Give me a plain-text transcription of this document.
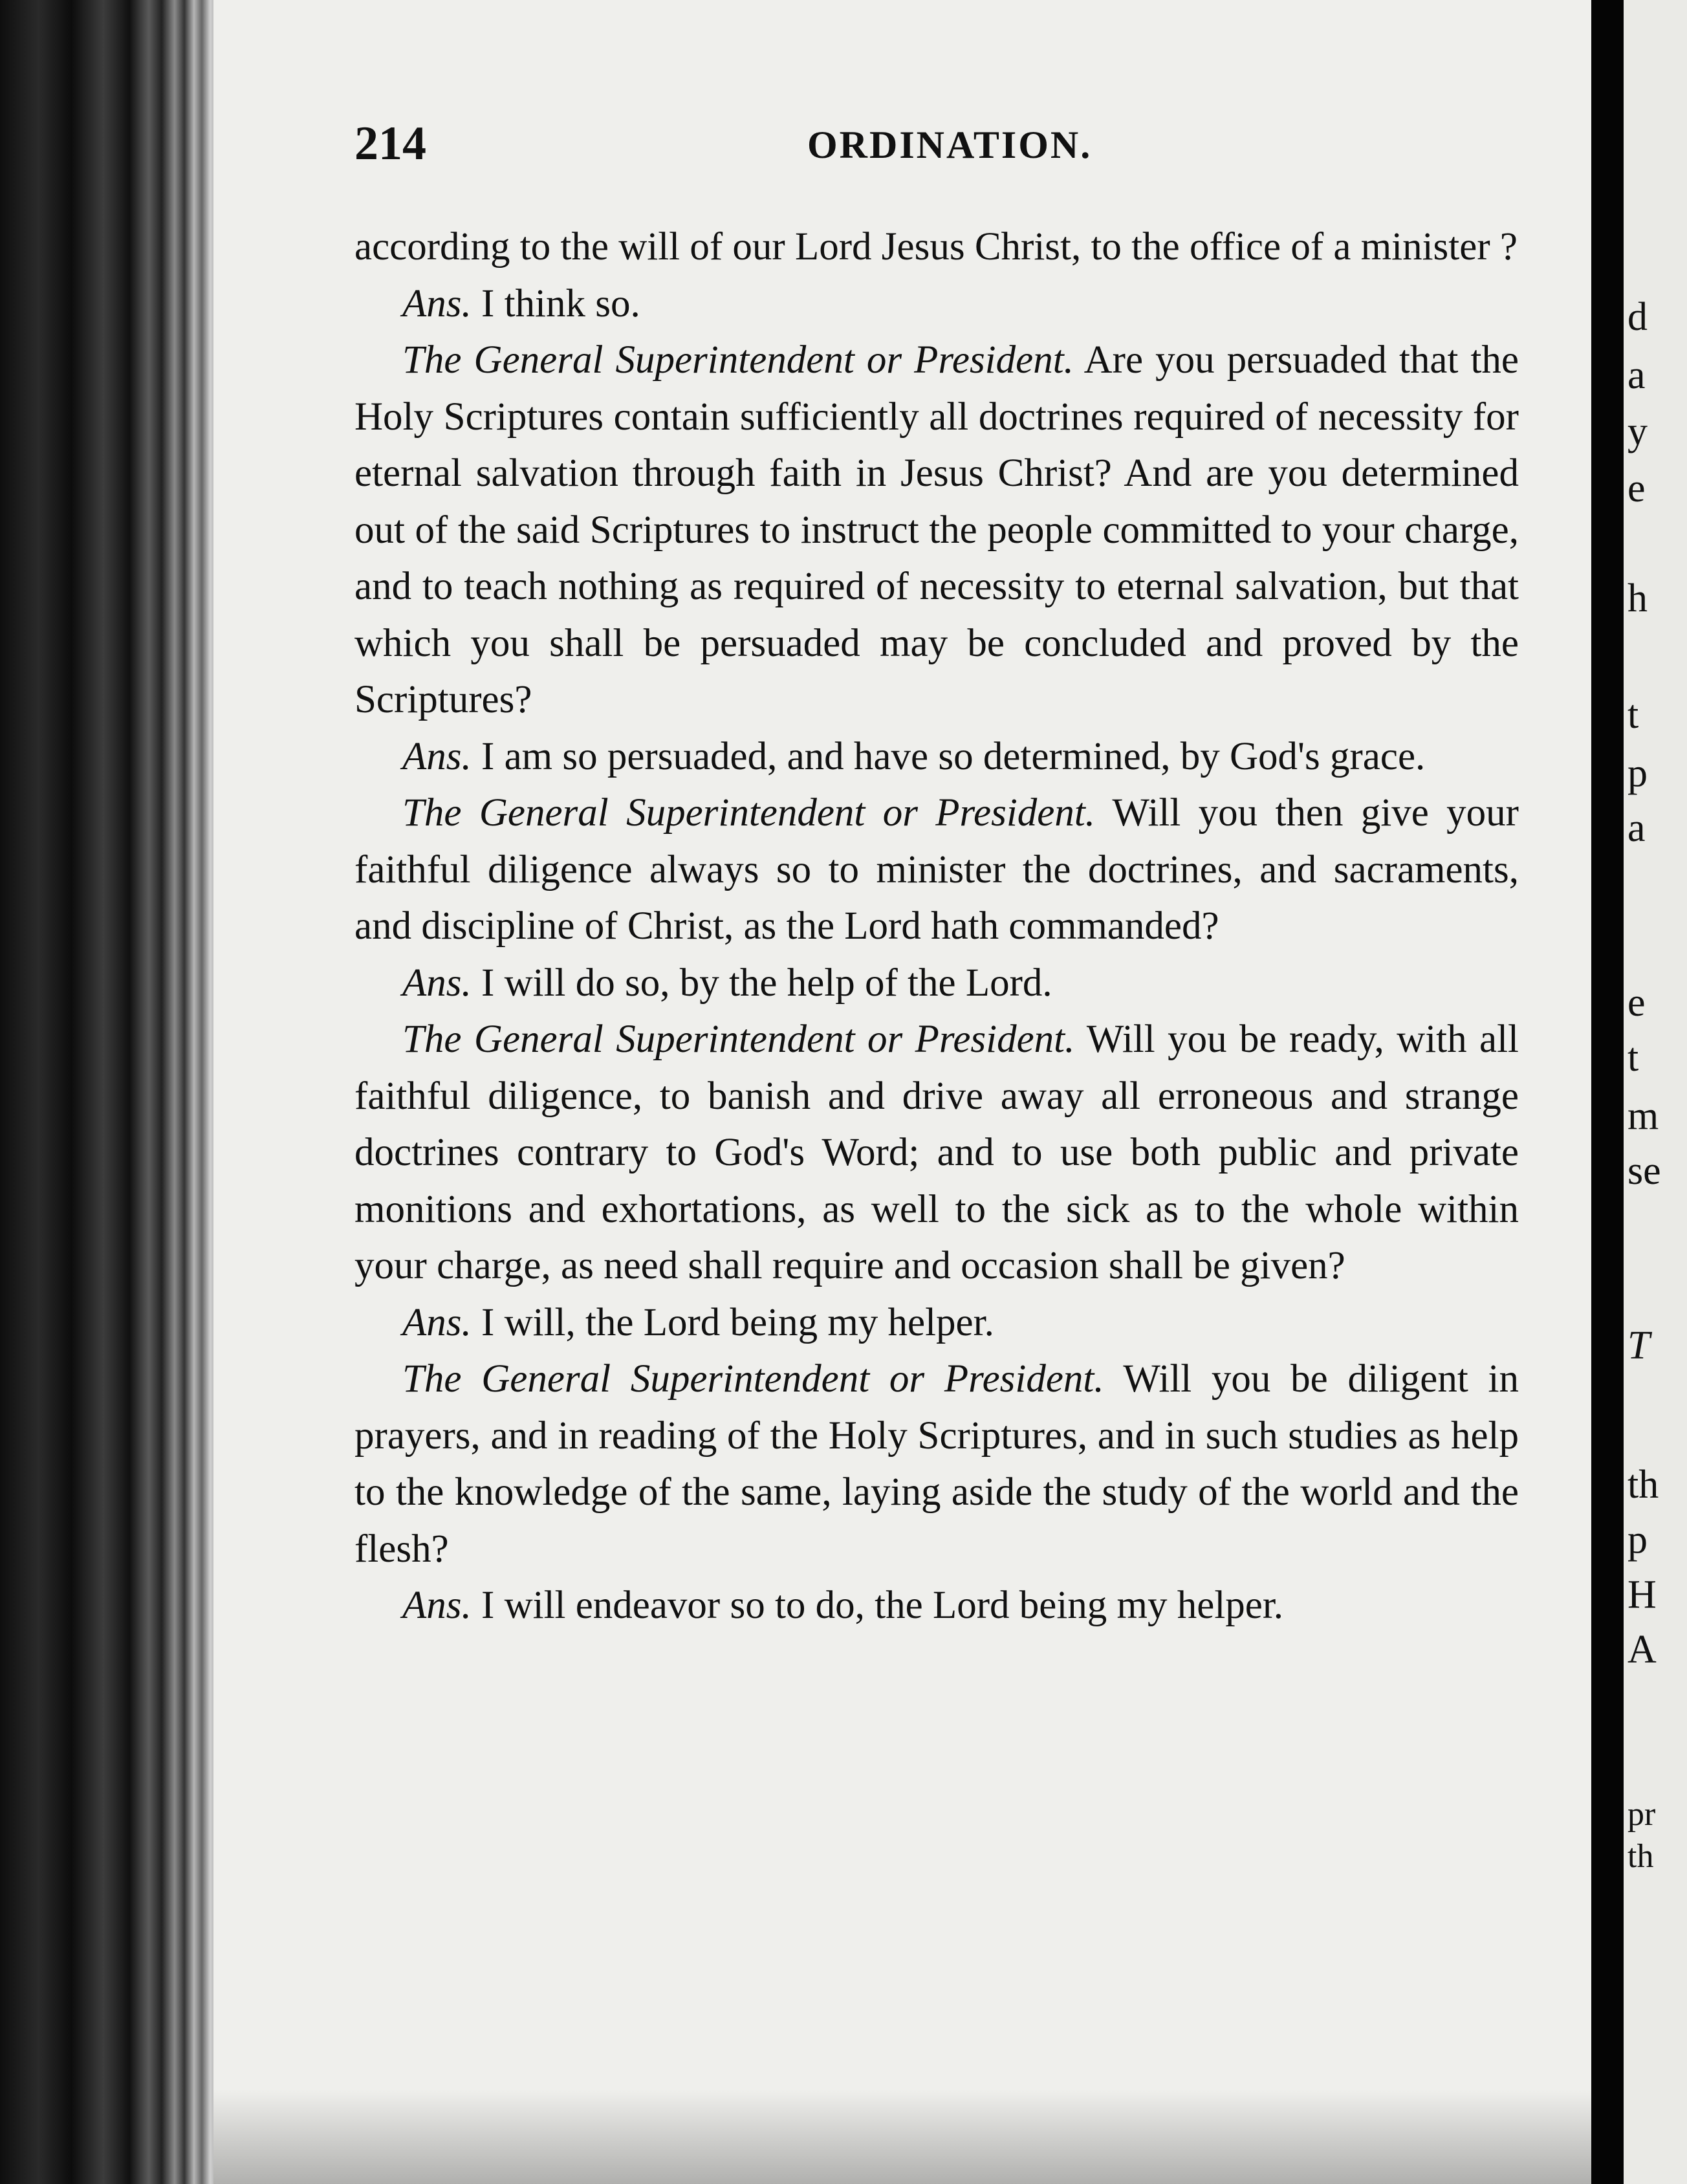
d
a
y
e
h
t
p
a
e
t
m
se
T
th
p
H
A
pr
th
214	ORDINATION.

according to the will of our Lord Jesus Christ, to the office of a minister ?

Ans. I think so.

The General Superintendent or President. Are you persuaded that the Holy Scriptures contain sufficiently all doctrines required of necessity for eternal salvation through faith in Jesus Christ? And are you determined out of the said Scriptures to instruct the people committed to your charge, and to teach nothing as required of necessity to eternal salvation, but that which you shall be persuaded may be concluded and proved by the Scriptures?

Ans. I am so persuaded, and have so determined, by God's grace.

The General Superintendent or President. Will you then give your faithful diligence always so to minister the doctrines, and sacraments, and discipline of Christ, as the Lord hath commanded?

Ans. I will do so, by the help of the Lord.

The General Superintendent or President. Will you be ready, with all faithful diligence, to banish and drive away all erroneous and strange doctrines contrary to God's Word; and to use both public and private monitions and exhortations, as well to the sick as to the whole within your charge, as need shall require and occasion shall be given?

Ans. I will, the Lord being my helper.

The General Superintendent or President. Will you be diligent in prayers, and in reading of the Holy Scriptures, and in such studies as help to the knowledge of the same, laying aside the study of the world and the flesh?

Ans. I will endeavor so to do, the Lord being my helper.
